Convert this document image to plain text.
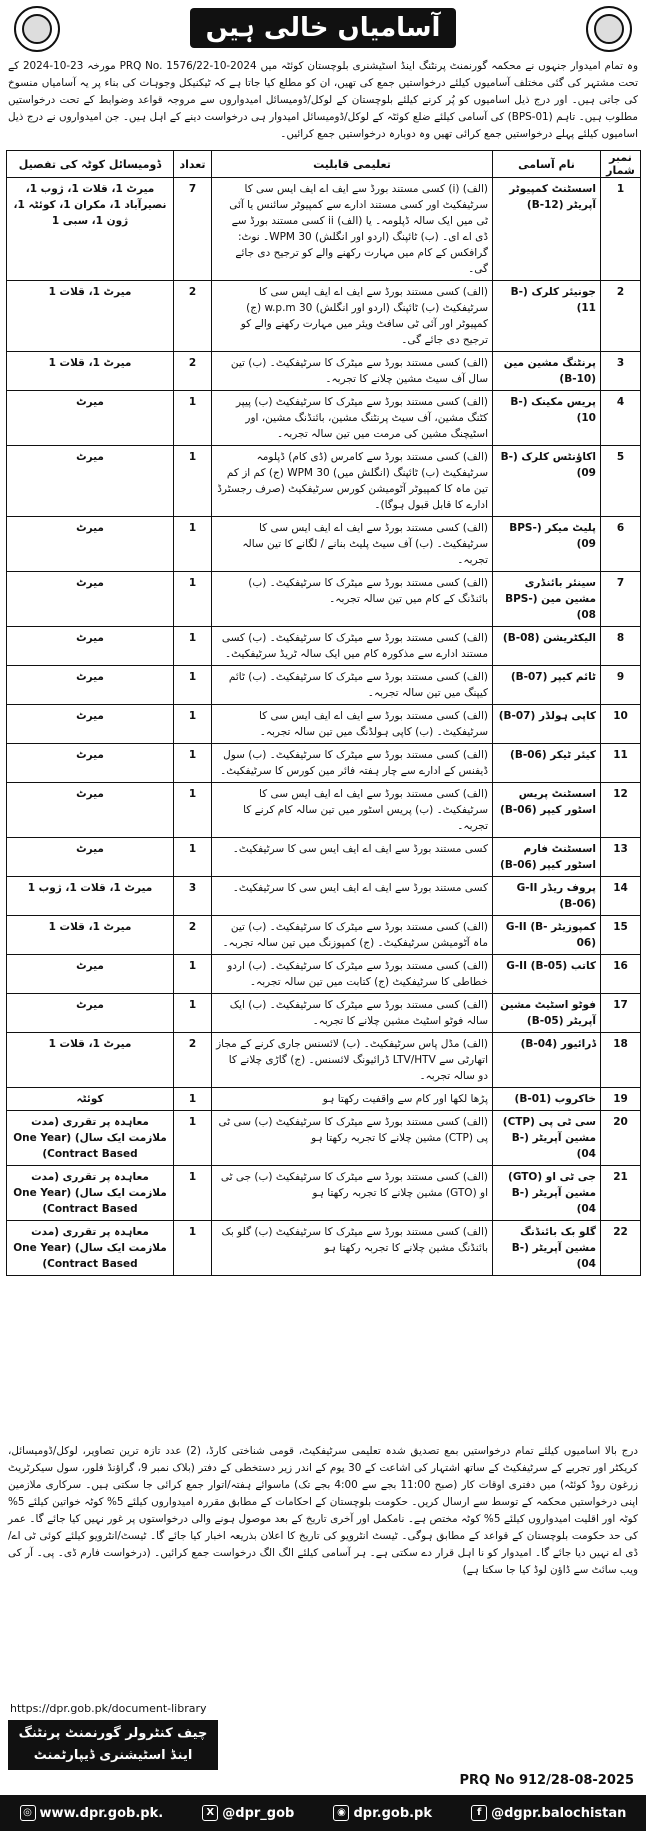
آسامیاں خالی ہیں
وہ تمام امیدوار جنہوں نے محکمہ گورنمنٹ پرنٹنگ اینڈ اسٹیشنری بلوچستان کوئٹہ میں PRQ No. 1576/22-10-2024 مورخہ 23-10-2024 کے تحت مشتہر کی گئی مختلف آسامیوں کیلئے درخواستیں جمع کی تھیں، ان کو مطلع کیا جاتا ہے کہ ٹیکنیکل وجوہات کی بناء پر یہ آسامیاں منسوخ کی جاتی ہیں۔ اور درج ذیل اسامیوں کو پُر کرنے کیلئے بلوچستان کے لوکل/ڈومیسائل امیدواروں سے مروجہ قواعد وضوابط کے تحت درخواستیں مطلوب ہیں۔ تاہم (BPS-01) کی آسامی کیلئے ضلع کوئٹہ کے لوکل/ڈومیسائل امیدوار ہی درخواست دینے کے اہل ہیں۔ جن امیدواروں نے درج ذیل اسامیوں کیلئے پہلے درخواستیں جمع کرائی تھیں وہ دوبارہ درخواستیں جمع کرائیں۔
نمبر شمار	نام آسامی	تعلیمی قابلیت	تعداد	ڈومیسائل کوٹہ کی تفصیل
1	اسسٹنٹ کمپیوٹر آپریٹر (B-12)	(الف) (i) کسی مستند بورڈ سے ایف اے ایف ایس سی کا سرٹیفکیٹ اور کسی مستند ادارے سے کمپیوٹر سائنس یا آئی ٹی میں ایک سالہ ڈپلومہ۔ یا (الف) ii کسی مستند بورڈ سے ڈی اے ای۔ (ب) ٹائپنگ (اردو اور انگلش) 30 WPM۔ نوٹ: گرافکس کے کام میں مہارت رکھنے والے کو ترجیح دی جائے گی۔	7	میرٹ 1، قلات 1، ژوب 1، نصیرآباد 1، مکران 1، کوئٹہ 1، ژون 1، سبی 1
2	جونیئر کلرک (B-11)	(الف) کسی مستند بورڈ سے ایف اے ایف ایس سی کا سرٹیفکیٹ (ب) ٹائپنگ (اردو اور انگلش) 30 w.p.m (ج) کمپیوٹر اور آئی ٹی سافٹ ویئر میں مہارت رکھنے والے کو ترجیح دی جائے گی۔	2	میرٹ 1، قلات 1
3	پرنٹنگ مشین مین (B-10)	(الف) کسی مستند بورڈ سے میٹرک کا سرٹیفکیٹ۔ (ب) تین سال آف سیٹ مشین چلانے کا تجربہ۔	2	میرٹ 1، قلات 1
4	پریس مکینک (B-10)	(الف) کسی مستند بورڈ سے میٹرک کا سرٹیفکیٹ (ب) پیپر کٹنگ مشین، آف سیٹ پرنٹنگ مشین، بائنڈنگ مشین، اور اسٹیچنگ مشین کی مرمت میں تین سالہ تجربہ۔	1	میرٹ
5	اکاؤنٹس کلرک (B-09)	(الف) کسی مستند بورڈ سے کامرس (ڈی کام) ڈپلومہ سرٹیفکیٹ (ب) ٹائپنگ (انگلش میں) 30 WPM (ج) کم از کم تین ماہ کا کمپیوٹر آٹومیشن کورس سرٹیفکیٹ (صرف رجسٹرڈ ادارے کا قابل قبول ہوگا)۔	1	میرٹ
6	پلیٹ میکر (BPS-09)	(الف) کسی مستند بورڈ سے ایف اے ایف ایس سی کا سرٹیفکیٹ۔ (ب) آف سیٹ پلیٹ بنانے / لگانے کا تین سالہ تجربہ۔	1	میرٹ
7	سینئر بائنڈری مشین مین (BPS-08)	(الف) کسی مستند بورڈ سے میٹرک کا سرٹیفکیٹ۔ (ب) بائنڈنگ کے کام میں تین سالہ تجربہ۔	1	میرٹ
8	الیکٹریشن (B-08)	(الف) کسی مستند بورڈ سے میٹرک کا سرٹیفکیٹ۔ (ب) کسی مستند ادارے سے مذکورہ کام میں ایک سالہ ٹریڈ سرٹیفکیٹ۔	1	میرٹ
9	ٹائم کیپر (B-07)	(الف) کسی مستند بورڈ سے میٹرک کا سرٹیفکیٹ۔ (ب) ٹائم کیپنگ میں تین سالہ تجربہ۔	1	میرٹ
10	کاپی ہولڈر (B-07)	(الف) کسی مستند بورڈ سے ایف اے ایف ایس سی کا سرٹیفکیٹ۔ (ب) کاپی ہولڈنگ میں تین سالہ تجربہ۔	1	میرٹ
11	کیئر ٹیکر (B-06)	(الف) کسی مستند بورڈ سے میٹرک کا سرٹیفکیٹ۔ (ب) سول ڈیفنس کے ادارے سے چار ہفتہ فائر مین کورس کا سرٹیفکیٹ۔	1	میرٹ
12	اسسٹنٹ پریس اسٹور کیپر (B-06)	(الف) کسی مستند بورڈ سے ایف اے ایف ایس سی کا سرٹیفکیٹ۔ (ب) پریس اسٹور میں تین سالہ کام کرنے کا تجربہ۔	1	میرٹ
13	اسسٹنٹ فارم اسٹور کیپر (B-06)	کسی مستند بورڈ سے ایف اے ایف ایس سی کا سرٹیفکیٹ۔	1	میرٹ
14	پروف ریڈر G-II (B-06)	کسی مستند بورڈ سے ایف اے ایف ایس سی کا سرٹیفکیٹ۔	3	میرٹ 1، قلات 1، ژوب 1
15	کمپوزیٹر G-II (B-06)	(الف) کسی مستند بورڈ سے میٹرک کا سرٹیفکیٹ۔ (ب) تین ماہ آٹومیشن سرٹیفکیٹ۔ (ج) کمپوزنگ میں تین سالہ تجربہ۔	2	میرٹ 1، قلات 1
16	کاتب G-II (B-05)	(الف) کسی مستند بورڈ سے میٹرک کا سرٹیفکیٹ۔ (ب) اردو خطاطی کا سرٹیفکیٹ (ج) کتابت میں تین سالہ تجربہ۔	1	میرٹ
17	فوٹو اسٹیٹ مشین آپریٹر (B-05)	(الف) کسی مستند بورڈ سے میٹرک کا سرٹیفکیٹ۔ (ب) ایک سالہ فوٹو اسٹیٹ مشین چلانے کا تجربہ۔	1	میرٹ
18	ڈرائیور (B-04)	(الف) مڈل پاس سرٹیفکیٹ۔ (ب) لائسنس جاری کرنے کے مجاز اتھارٹی سے LTV/HTV ڈرائیونگ لائسنس۔ (ج) گاڑی چلانے کا دو سالہ تجربہ۔	2	میرٹ 1، قلات 1
19	خاکروب (B-01)	پڑھا لکھا اور کام سے واقفیت رکھتا ہو	1	کوئٹہ
20	سی ٹی پی (CTP) مشین آپریٹر (B-04)	(الف) کسی مستند بورڈ سے میٹرک کا سرٹیفکیٹ (ب) سی ٹی پی (CTP) مشین چلانے کا تجربہ رکھتا ہو	1	معاہدہ پر تقرری (مدت ملازمت ایک سال) (One Year Contract Based)
21	جی ٹی او (GTO) مشین آپریٹر (B-04)	(الف) کسی مستند بورڈ سے میٹرک کا سرٹیفکیٹ (ب) جی ٹی او (GTO) مشین چلانے کا تجربہ رکھتا ہو	1	معاہدہ پر تقرری (مدت ملازمت ایک سال) (One Year Contract Based)
22	گلو بک بائنڈنگ مشین آپریٹر (B-04)	(الف) کسی مستند بورڈ سے میٹرک کا سرٹیفکیٹ (ب) گلو بک بائنڈنگ مشین چلانے کا تجربہ رکھتا ہو	1	معاہدہ پر تقرری (مدت ملازمت ایک سال) (One Year Contract Based)
درج بالا اسامیوں کیلئے تمام درخواستیں بمع تصدیق شدہ تعلیمی سرٹیفکیٹ، قومی شناختی کارڈ، (2) عدد تازہ ترین تصاویر، لوکل/ڈومیسائل، کریکٹر اور تجربے کے سرٹیفکیٹ کے ساتھ اشتہار کی اشاعت کے 30 یوم کے اندر زیر دستخطی کے دفتر (بلاک نمبر 9، گراؤنڈ فلور، سول سیکرٹریٹ زرغون روڈ کوئٹہ) میں دفتری اوقات کار (صبح 11:00 بجے سے 4:00 بجے تک) ماسوائے ہفتہ/اتوار جمع کرائی جا سکتی ہیں۔ سرکاری ملازمین اپنی درخواستیں محکمہ کے توسط سے ارسال کریں۔ حکومت بلوچستان کے احکامات کے مطابق مقررہ امیدواروں کیلئے 5% کوٹہ خواتین کیلئے 5% کوٹہ اور اقلیت امیدواروں کیلئے 5% کوٹہ مختص ہے۔ نامکمل اور آخری تاریخ کے بعد موصول ہونے والی درخواستوں پر غور نہیں کیا جائے گا۔ عمر کی حد حکومت بلوچستان کے قواعد کے مطابق ہوگی۔ ٹیسٹ انٹرویو کی تاریخ کا اعلان بذریعہ اخبار کیا جائے گا۔ ٹیسٹ/انٹرویو کیلئے کوئی ٹی اے/ڈی اے نہیں دیا جائے گا۔ امیدوار کو نا اہل قرار دے سکتی ہے۔ ہر آسامی کیلئے الگ الگ درخواست جمع کرائیں۔ (درخواست فارم ڈی۔ پی۔ آر کی ویب سائٹ سے ڈاؤن لوڈ کیا جا سکتا ہے)
https://dpr.gob.pk/document-library
چیف کنٹرولر گورنمنٹ پرنٹنگ اینڈ اسٹیشنری ڈیپارٹمنٹ
PRQ No 912/28-08-2025
◎ www.dpr.gob.pk.	X @dpr_gob	◉ dpr.gob.pk	f @dgpr.balochistan
